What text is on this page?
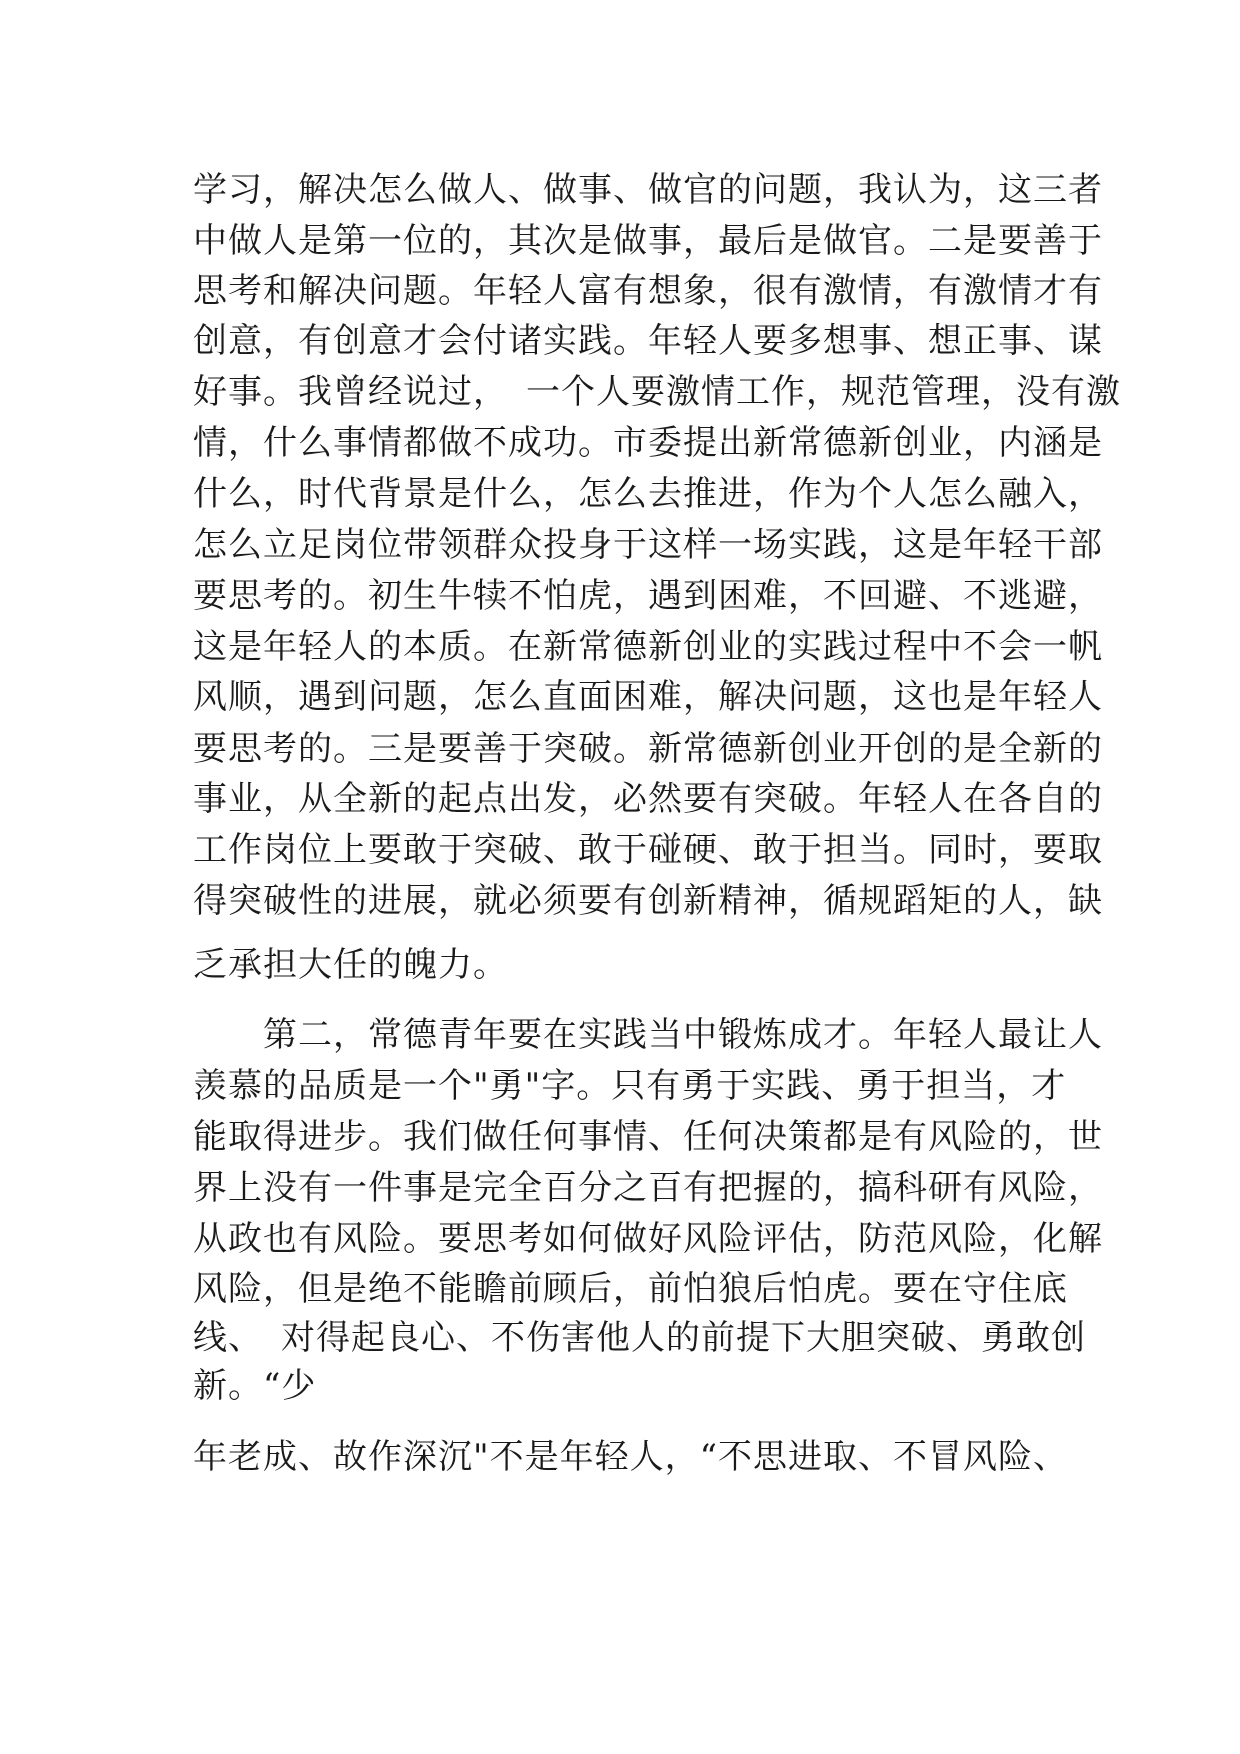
学习，解决怎么做人、做事、做官的问题，我认为，这三者
中做人是第一位的，其次是做事，最后是做官。二是要善于
思考和解决问题。年轻人富有想象，很有激情，有激情才有
创意，有创意才会付诸实践。年轻人要多想事、想正事、谋
好事。我曾经说过，　一个人要激情工作，规范管理，没有激
情，什么事情都做不成功。市委提出新常德新创业，内涵是
什么，时代背景是什么，怎么去推进，作为个人怎么融入，
怎么立足岗位带领群众投身于这样一场实践，这是年轻干部
要思考的。初生牛犊不怕虎，遇到困难，不回避、不逃避，
这是年轻人的本质。在新常德新创业的实践过程中不会一帆
风顺，遇到问题，怎么直面困难，解决问题，这也是年轻人
要思考的。三是要善于突破。新常德新创业开创的是全新的
事业，从全新的起点出发，必然要有突破。年轻人在各自的
工作岗位上要敢于突破、敢于碰硬、敢于担当。同时，要取
得突破性的进展，就必须要有创新精神，循规蹈矩的人，缺
乏承担大任的魄力。
　　第二，常德青年要在实践当中锻炼成才。年轻人最让人
羡慕的品质是一个"勇"字。只有勇于实践、勇于担当，才
能取得进步。我们做任何事情、任何决策都是有风险的，世
界上没有一件事是完全百分之百有把握的，搞科研有风险，
从政也有风险。要思考如何做好风险评估，防范风险，化解
风险，但是绝不能瞻前顾后，前怕狼后怕虎。要在守住底
线、　对得起良心、不伤害他人的前提下大胆突破、勇敢创
新。“少
年老成、故作深沉"不是年轻人，“不思进取、不冒风险、
